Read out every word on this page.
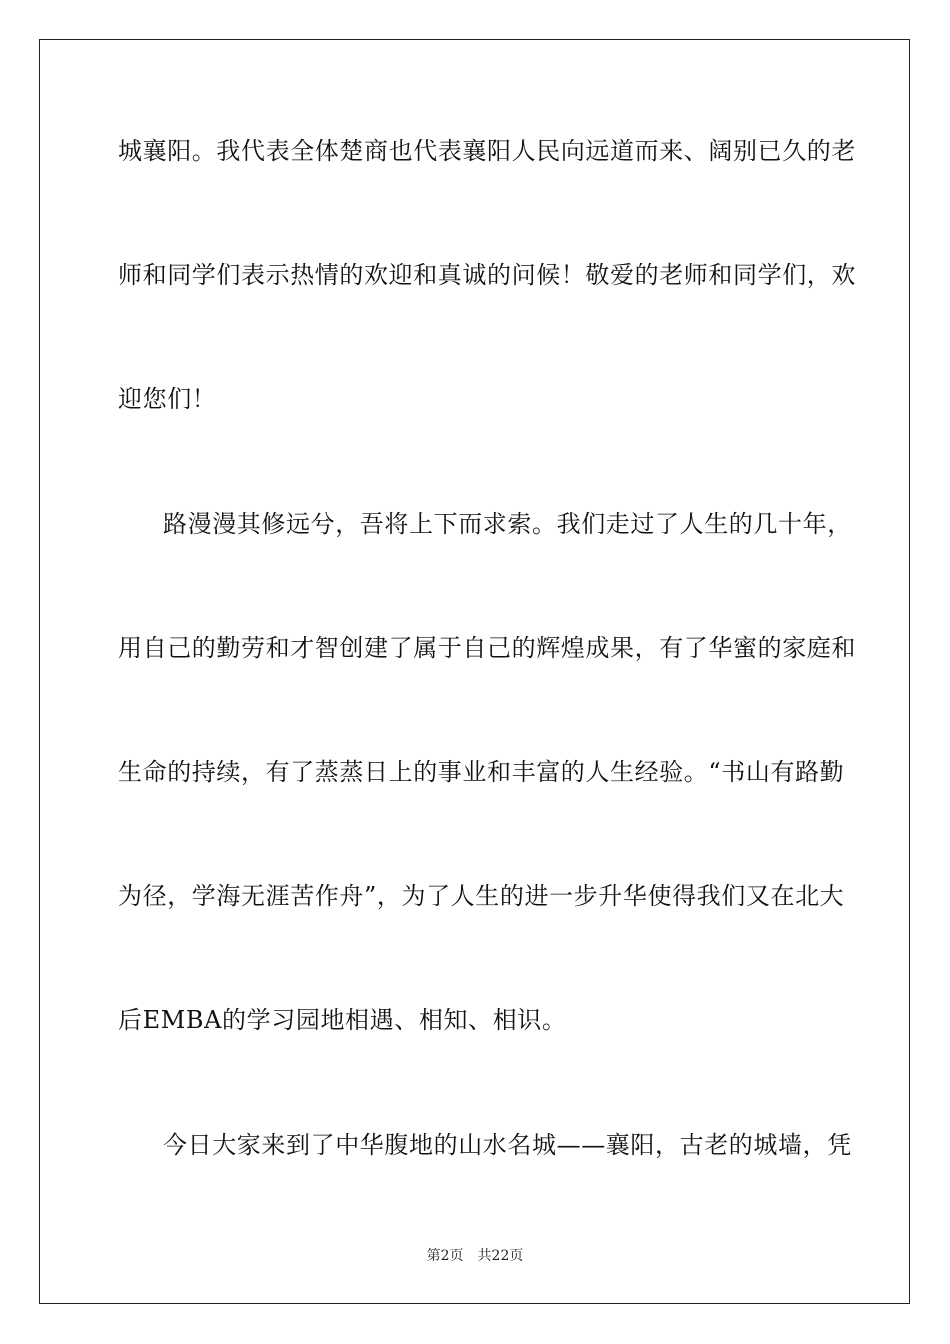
城襄阳。我代表全体楚商也代表襄阳人民向远道而来、阔别已久的老
师和同学们表示热情的欢迎和真诚的问候！敬爱的老师和同学们，欢
迎您们！
路漫漫其修远兮，吾将上下而求索。我们走过了人生的几十年，
用自己的勤劳和才智创建了属于自己的辉煌成果，有了华蜜的家庭和
生命的持续，有了蒸蒸日上的事业和丰富的人生经验。“书山有路勤
为径，学海无涯苦作舟”，为了人生的进一步升华使得我们又在北大
后EMBA的学习园地相遇、相知、相识。
今日大家来到了中华腹地的山水名城——襄阳，古老的城墙，凭
第2页　共22页
